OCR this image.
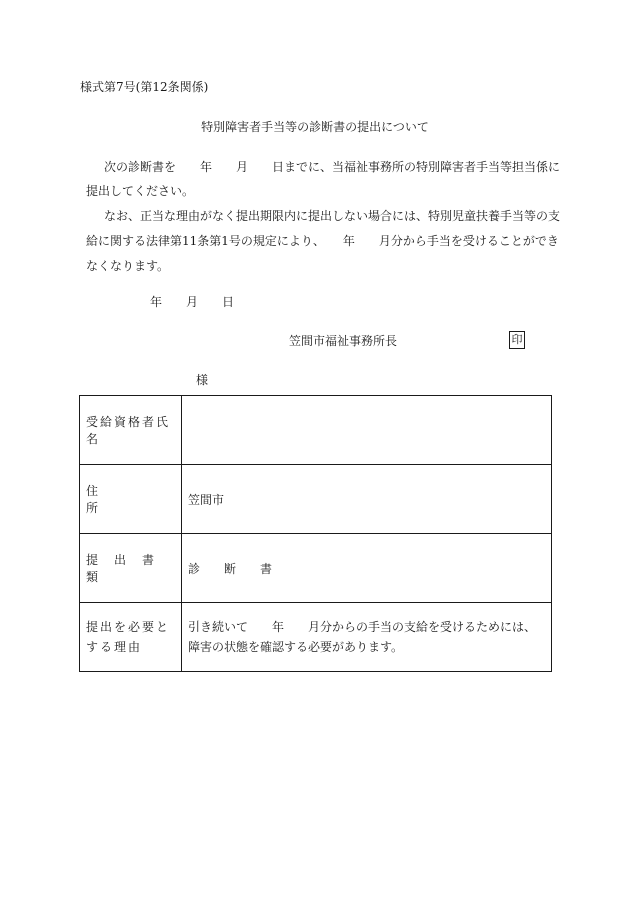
様式第7号(第12条関係)
特別障害者手当等の診断書の提出について
次の診断書を　　年　　月　　日までに、当福祉事務所の特別障害者手当等担当係に
提出してください。
なお、正当な理由がなく提出期限内に提出しない場合には、特別児童扶養手当等の支
給に関する法律第11条第1号の規定により、　　年　　月分から手当を受けることができ
なくなります。
年　　月　　日
笠間市福祉事務所長	印
様
受給資格者氏名	
住　　　　　所	笠間市
提　出　書　類	診　　断　　書
提出を必要とする理由	引き続いて　　年　　月分からの手当の支給を受けるためには、障害の状態を確認する必要があります。
